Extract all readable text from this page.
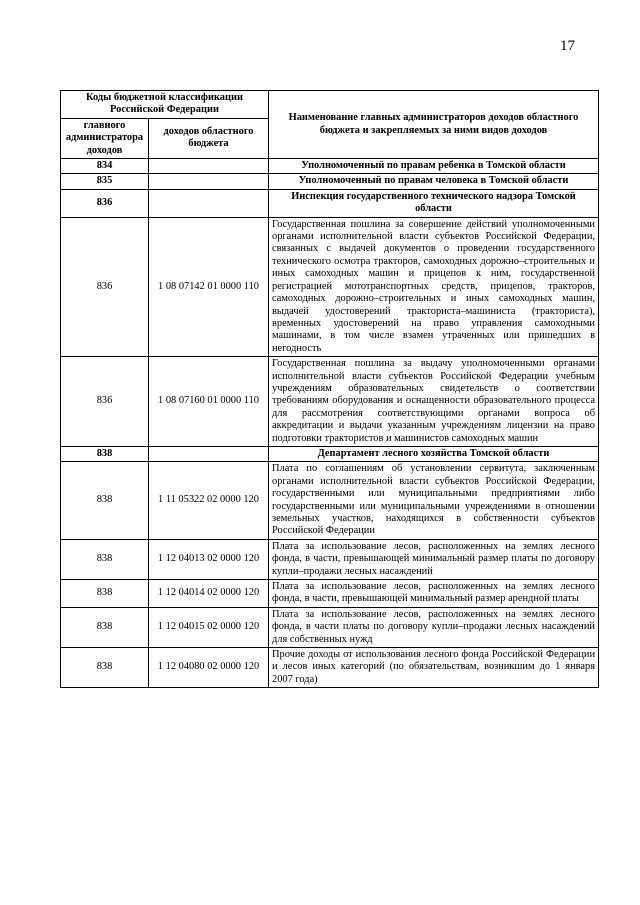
17
Коды бюджетной классификации Российской Федерации		Наименование главных администраторов доходов областного бюджета и закрепляемых за ними видов доходов
главного администратора доходов	доходов областного бюджета	
834		Уполномоченный по правам ребенка в Томской области
835		Уполномоченный по правам человека в Томской области
836		Инспекция государственного технического надзора Томской области
836	1 08 07142 01 0000 110	Государственная пошлина за совершение действий уполномоченными органами исполнительной власти субъектов Российской Федерации, связанных с выдачей документов о проведении государственного технического осмотра тракторов, самоходных дорожно–строительных и иных самоходных машин и прицепов к ним, государственной регистрацией мототранспортных средств, прицепов, тракторов, самоходных дорожно–строительных и иных самоходных машин, выдачей удостоверений тракториста–машиниста (тракториста), временных удостоверений на право управления самоходными машинами, в том числе взамен утраченных или пришедших в негодность
836	1 08 07160 01 0000 110	Государственная пошлина за выдачу уполномоченными органами исполнительной власти субъектов Российской Федерации учебным учреждениям образовательных свидетельств о соответствии требованиям оборудования и оснащенности образовательного процесса для рассмотрения соответствующими органами вопроса об аккредитации и выдачи указанным учреждениям лицензии на право подготовки трактористов и машинистов самоходных машин
838		Департамент лесного хозяйства Томской области
838	1 11 05322 02 0000 120	Плата по соглашениям об установлении сервитута, заключенным органами исполнительной власти субъектов Российской Федерации, государственными или муниципальными предприятиями либо государственными или муниципальными учреждениями в отношении земельных участков, находящихся в собственности субъектов Российской Федерации
838	1 12 04013 02 0000 120	Плата за использование лесов, расположенных на землях лесного фонда, в части, превышающей минимальный размер платы по договору купли–продажи лесных насаждений
838	1 12 04014 02 0000 120	Плата за использование лесов, расположенных на землях лесного фонда, в части, превышающей минимальный размер арендной платы
838	1 12 04015 02 0000 120	Плата за использование лесов, расположенных на землях лесного фонда, в части платы по договору купли–продажи лесных насаждений для собственных нужд
838	1 12 04080 02 0000 120	Прочие доходы от использования лесного фонда Российской Федерации и лесов иных категорий (по обязательствам, возникшим до 1 января 2007 года)
